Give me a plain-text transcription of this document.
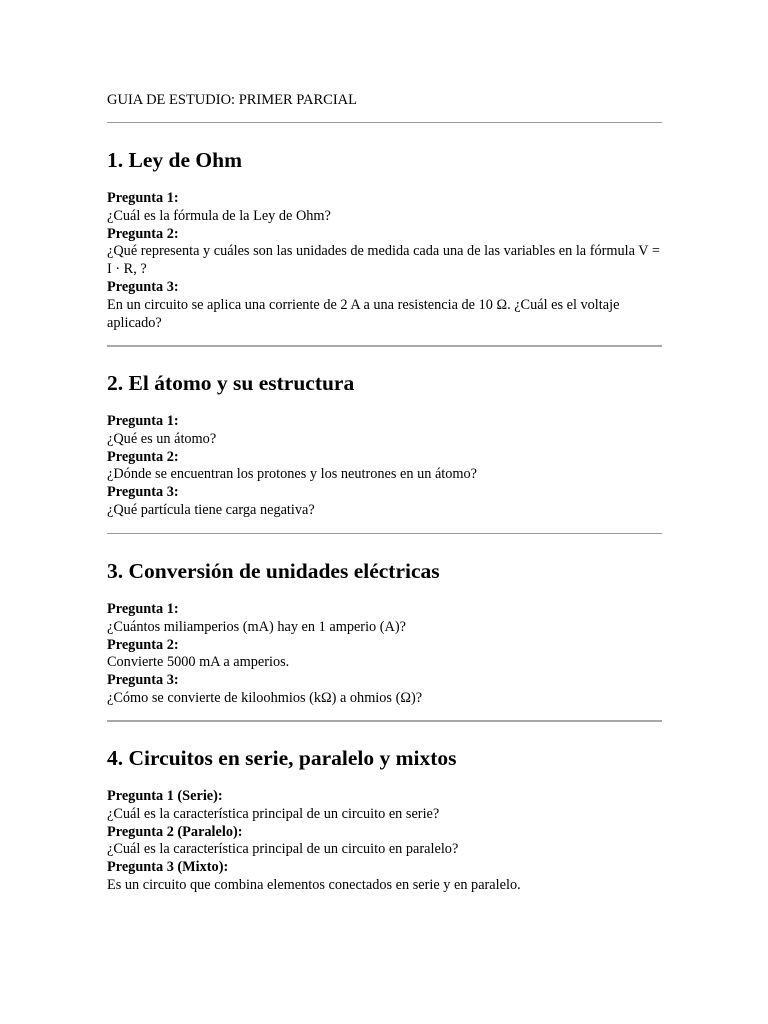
GUIA DE ESTUDIO: PRIMER PARCIAL
1. Ley de Ohm
Pregunta 1:
¿Cuál es la fórmula de la Ley de Ohm?
Pregunta 2:
¿Qué representa y cuáles son las unidades de medida cada una de las variables en la fórmula V = I · R, ?
Pregunta 3:
En un circuito se aplica una corriente de 2 A a una resistencia de 10 Ω. ¿Cuál es el voltaje aplicado?
2. El átomo y su estructura
Pregunta 1:
¿Qué es un átomo?
Pregunta 2:
¿Dónde se encuentran los protones y los neutrones en un átomo?
Pregunta 3:
¿Qué partícula tiene carga negativa?
3. Conversión de unidades eléctricas
Pregunta 1:
¿Cuántos miliamperios (mA) hay en 1 amperio (A)?
Pregunta 2:
Convierte 5000 mA a amperios.
Pregunta 3:
¿Cómo se convierte de kiloohmios (kΩ) a ohmios (Ω)?
4. Circuitos en serie, paralelo y mixtos
Pregunta 1 (Serie):
¿Cuál es la característica principal de un circuito en serie?
Pregunta 2 (Paralelo):
¿Cuál es la característica principal de un circuito en paralelo?
Pregunta 3 (Mixto):
Es un circuito que combina elementos conectados en serie y en paralelo.
